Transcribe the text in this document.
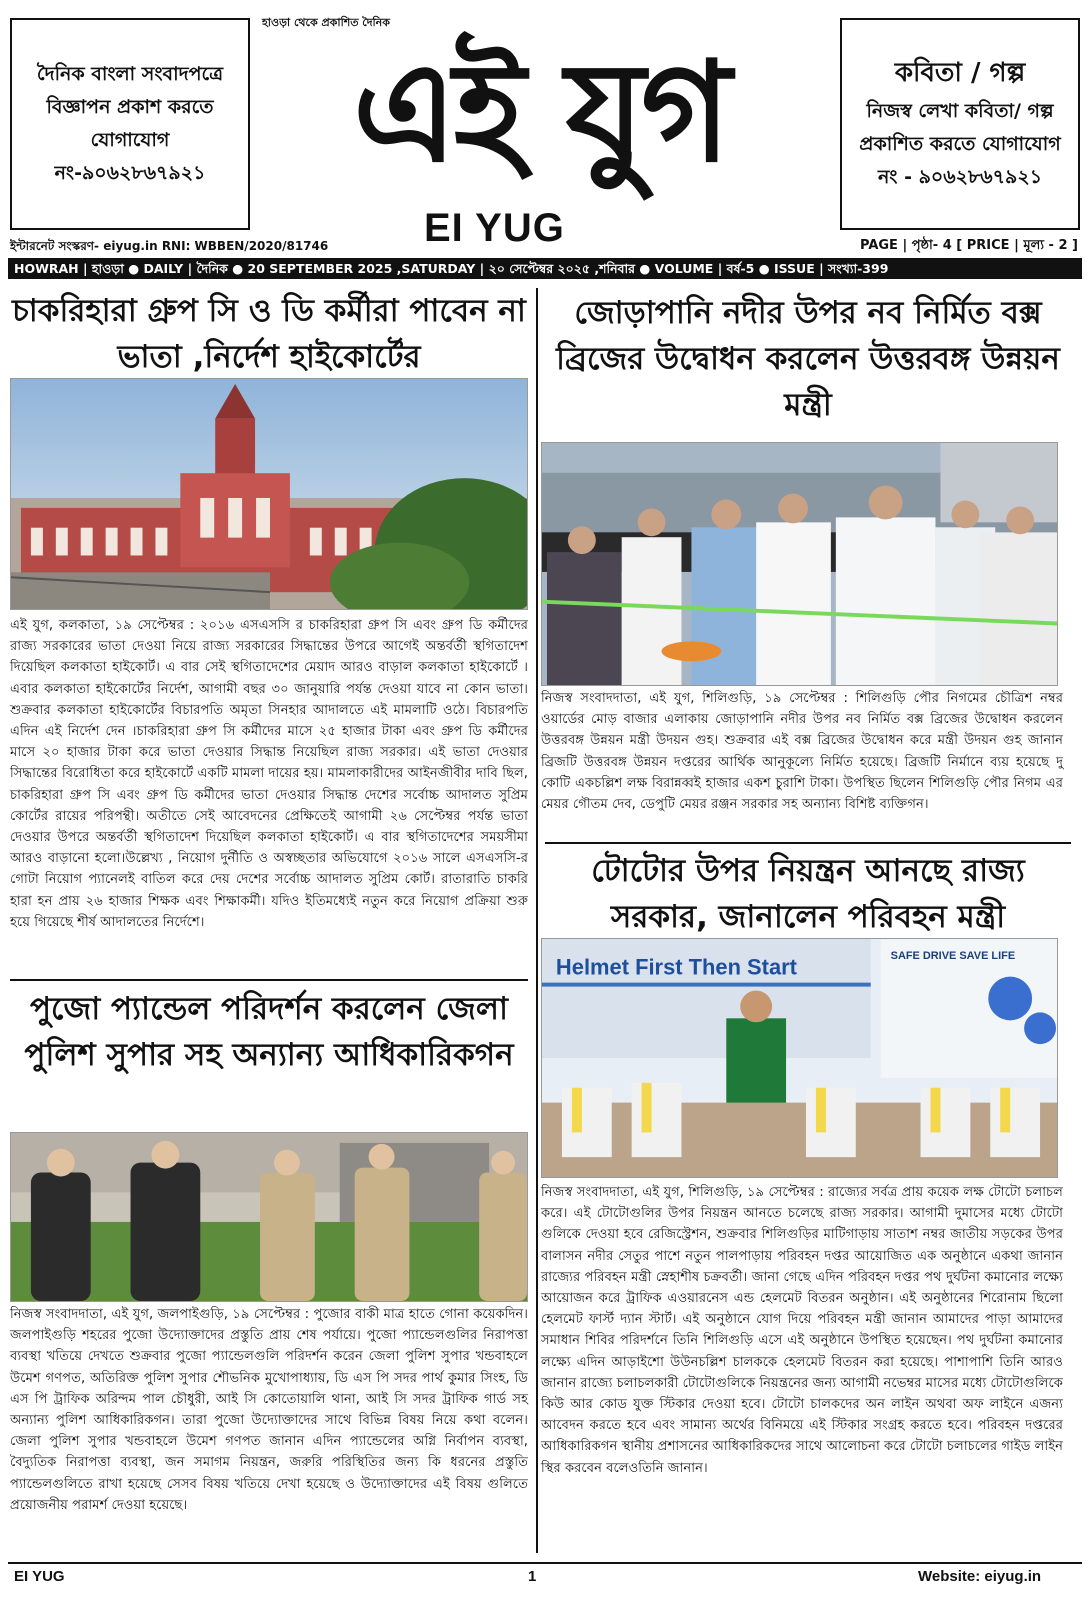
দৈনিক বাংলা সংবাদপত্রে বিজ্ঞাপন প্রকাশ করতে যোগাযোগ নং-৯০৬২৮৬৭৯২১
কবিতা / গল্প
নিজস্ব লেখা কবিতা/ গল্প প্রকাশিত করতে যোগাযোগ নং - ৯০৬২৮৬৭৯২১
হাওড়া থেকে প্রকাশিত দৈনিক
এই যুগ
EI YUG
ইন্টারনেট সংস্করণ- eiyug.in RNI: WBBEN/2020/81746	PAGE | পৃষ্ঠা- 4 [ PRICE | মূল্য - 2 ]
HOWRAH | হাওড়া ● DAILY | দৈনিক ● 20 SEPTEMBER 2025 ,SATURDAY | ২০ সেপ্টেম্বর ২০২৫ ,শনিবার ● VOLUME | বর্ষ-5 ● ISSUE | সংখ্যা-399
চাকরিহারা গ্রুপ সি ও ডি কর্মীরা পাবেন না ভাতা ,নির্দেশ হাইকোর্টের
এই যুগ, কলকাতা, ১৯ সেপ্টেম্বর : ২০১৬ এসএসসি র চাকরিহারা গ্রুপ সি এবং গ্রুপ ডি কর্মীদের রাজ্য সরকারের ভাতা দেওয়া নিয়ে রাজ্য সরকারের সিদ্ধান্তের উপরে আগেই অন্তর্বর্তী স্থগিতাদেশ দিয়েছিল কলকাতা হাইকোর্ট। এ বার সেই স্থগিতাদেশের মেয়াদ আরও বাড়াল কলকাতা হাইকোর্টে । এবার কলকাতা হাইকোর্টের নির্দেশ, আগামী বছর ৩০ জানুয়ারি পর্যন্ত দেওয়া যাবে না কোন ভাতা। শুক্রবার কলকাতা হাইকোর্টের বিচারপতি অমৃতা সিনহার আদালতে এই মামলাটি ওঠে। বিচারপতি এদিন এই নির্দেশ দেন ।চাকরিহারা গ্রুপ সি কর্মীদের মাসে ২৫ হাজার টাকা এবং গ্রুপ ডি কর্মীদের মাসে ২০ হাজার টাকা করে ভাতা দেওয়ার সিদ্ধান্ত নিয়েছিল রাজ্য সরকার। এই ভাতা দেওয়ার সিদ্ধান্তের বিরোধিতা করে হাইকোর্টে একটি মামলা দায়ের হয়। মামলাকারীদের আইনজীবীর দাবি ছিল, চাকরিহারা গ্রুপ সি এবং গ্রুপ ডি কর্মীদের ভাতা দেওয়ার সিদ্ধান্ত দেশের সর্বোচ্চ আদালত সুপ্রিম কোর্টের রায়ের পরিপন্থী। অতীতে সেই আবেদনের প্রেক্ষিতেই আগামী ২৬ সেপ্টেম্বর পর্যন্ত ভাতা দেওয়ার উপরে অন্তর্বর্তী স্থগিতাদেশ দিয়েছিল কলকাতা হাইকোর্ট। এ বার স্থগিতাদেশের সময়সীমা আরও বাড়ানো হলো।উল্লেখ্য , নিয়োগ দুর্নীতি ও অস্বচ্ছতার অভিযোগে ২০১৬ সালে এসএসসি-র গোটা নিয়োগ প্যানেলই বাতিল করে দেয় দেশের সর্বোচ্চ আদালত সুপ্রিম কোর্ট। রাতারাতি চাকরি হারা হন প্রায় ২৬ হাজার শিক্ষক এবং শিক্ষাকর্মী। যদিও ইতিমধ্যেই নতুন করে নিয়োগ প্রক্রিয়া শুরু হয়ে গিয়েছে শীর্ষ আদালতের নির্দেশে।
পুজো প্যান্ডেল পরিদর্শন করলেন জেলা পুলিশ সুপার সহ অন্যান্য আধিকারিকগন
নিজস্ব সংবাদদাতা, এই যুগ, জলপাইগুড়ি, ১৯ সেপ্টেম্বর : পুজোর বাকী মাত্র হাতে গোনা কয়েকদিন। জলপাইগুড়ি শহরের পুজো উদ্যোক্তাদের প্রস্তুতি প্রায় শেষ পর্যায়ে। পুজো প্যান্ডেলগুলির নিরাপত্তা ব্যবস্থা খতিয়ে দেখতে শুক্রবার পুজো প্যান্ডেলগুলি পরিদর্শন করেন জেলা পুলিশ সুপার খন্ডবাহলে উমেশ গণপত, অতিরিক্ত পুলিশ সুপার শৌভনিক মুখোপাধ্যায়, ডি এস পি সদর পার্থ কুমার সিংহ, ডি এস পি ট্রাফিক অরিন্দম পাল চৌধুরী, আই সি কোতোয়ালি থানা, আই সি সদর ট্রাফিক গার্ড সহ অন্যান্য পুলিশ আধিকারিকগন। তারা পুজো উদ্যোক্তাদের সাথে বিভিন্ন বিষয় নিয়ে কথা বলেন। জেলা পুলিশ সুপার খন্ডবাহলে উমেশ গণপত জানান এদিন প্যান্ডেলের অগ্নি নির্বাপন ব্যবস্থা, বৈদ্যুতিক নিরাপত্তা ব্যবস্থা, জন সমাগম নিয়ন্ত্রন, জরুরি পরিস্থিতির জন্য কি ধরনের প্রস্তুতি প্যান্ডেলগুলিতে রাখা হয়েছে সেসব বিষয় খতিয়ে দেখা হয়েছে ও উদ্যোক্তাদের এই বিষয় গুলিতে প্রয়োজনীয় পরামর্শ দেওয়া হয়েছে।
জোড়াপানি নদীর উপর নব নির্মিত বক্স ব্রিজের উদ্বোধন করলেন উত্তরবঙ্গ উন্নয়ন মন্ত্রী
নিজস্ব সংবাদদাতা, এই যুগ, শিলিগুড়ি, ১৯ সেপ্টেম্বর : শিলিগুড়ি পৌর নিগমের চৌত্রিশ নম্বর ওয়ার্ডের মোড় বাজার এলাকায় জোড়াপানি নদীর উপর নব নির্মিত বক্স ব্রিজের উদ্বোধন করলেন উত্তরবঙ্গ উন্নয়ন মন্ত্রী উদয়ন গুহ। শুক্রবার এই বক্স ব্রিজের উদ্বোধন করে মন্ত্রী উদয়ন গুহ জানান ব্রিজটি উত্তরবঙ্গ উন্নয়ন দপ্তরের আর্থিক আনুকূল্যে নির্মিত হয়েছে। ব্রিজটি নির্মানে ব্যয় হয়েছে দু কোটি একচল্লিশ লক্ষ বিরান্নব্বই হাজার একশ চুরাশি টাকা। উপস্থিত ছিলেন শিলিগুড়ি পৌর নিগম এর মেয়র গৌতম দেব, ডেপুটি মেয়র রঞ্জন সরকার সহ অন্যান্য বিশিষ্ট ব্যক্তিগন।
টোটোর উপর নিয়ন্ত্রন আনছে রাজ্য সরকার, জানালেন পরিবহন মন্ত্রী
Helmet First Then Start	SAFE DRIVE SAVE LIFE
নিজস্ব সংবাদদাতা, এই যুগ, শিলিগুড়ি, ১৯ সেপ্টেম্বর : রাজ্যের সর্বত্র প্রায় কয়েক লক্ষ টোটো চলাচল করে। এই টোটোগুলির উপর নিয়ন্ত্রন আনতে চলেছে রাজ্য সরকার। আগামী দুমাসের মধ্যে টোটো গুলিকে দেওয়া হবে রেজিস্ট্রেশন, শুক্রবার শিলিগুড়ির মাটিগাড়ায় সাতাশ নম্বর জাতীয় সড়কের উপর বালাসন নদীর সেতুর পাশে নতুন পালপাড়ায় পরিবহন দপ্তর আয়োজিত এক অনুষ্ঠানে একথা জানান রাজ্যের পরিবহন মন্ত্রী স্নেহাশীষ চক্রবর্তী। জানা গেছে এদিন পরিবহন দপ্তর পথ দুর্ঘটনা কমানোর লক্ষ্যে আয়োজন করে ট্রাফিক এওয়ারনেস এন্ড হেলমেট বিতরন অনুষ্ঠান। এই অনুষ্ঠানের শিরোনাম ছিলো হেলমেট ফার্স্ট দ্যান স্টার্ট। এই অনুষ্ঠানে যোগ দিয়ে পরিবহন মন্ত্রী জানান আমাদের পাড়া আমাদের সমাধান শিবির পরিদর্শনে তিনি শিলিগুড়ি এসে এই অনুষ্ঠানে উপস্থিত হয়েছেন। পথ দুর্ঘটনা কমানোর লক্ষ্যে এদিন আড়াইশো উউনচল্লিশ চালককে হেলমেট বিতরন করা হয়েছে। পাশাপাশি তিনি আরও জানান রাজ্যে চলাচলকারী টোটোগুলিকে নিয়ন্ত্রনের জন্য আগামী নভেম্বর মাসের মধ্যে টোটোগুলিকে কিউ আর কোড যুক্ত স্টিকার দেওয়া হবে। টোটো চালকদের অন লাইন অথবা অফ লাইনে এজন্য আবেদন করতে হবে এবং সামান্য অর্থের বিনিময়ে এই স্টিকার সংগ্রহ করতে হবে। পরিবহন দপ্তরের আধিকারিকগন স্থানীয় প্রশাসনের আধিকারিকদের সাথে আলোচনা করে টোটো চলাচলের গাইড লাইন স্থির করবেন বলেওতিনি জানান।
EI YUG	1	Website: eiyug.in
